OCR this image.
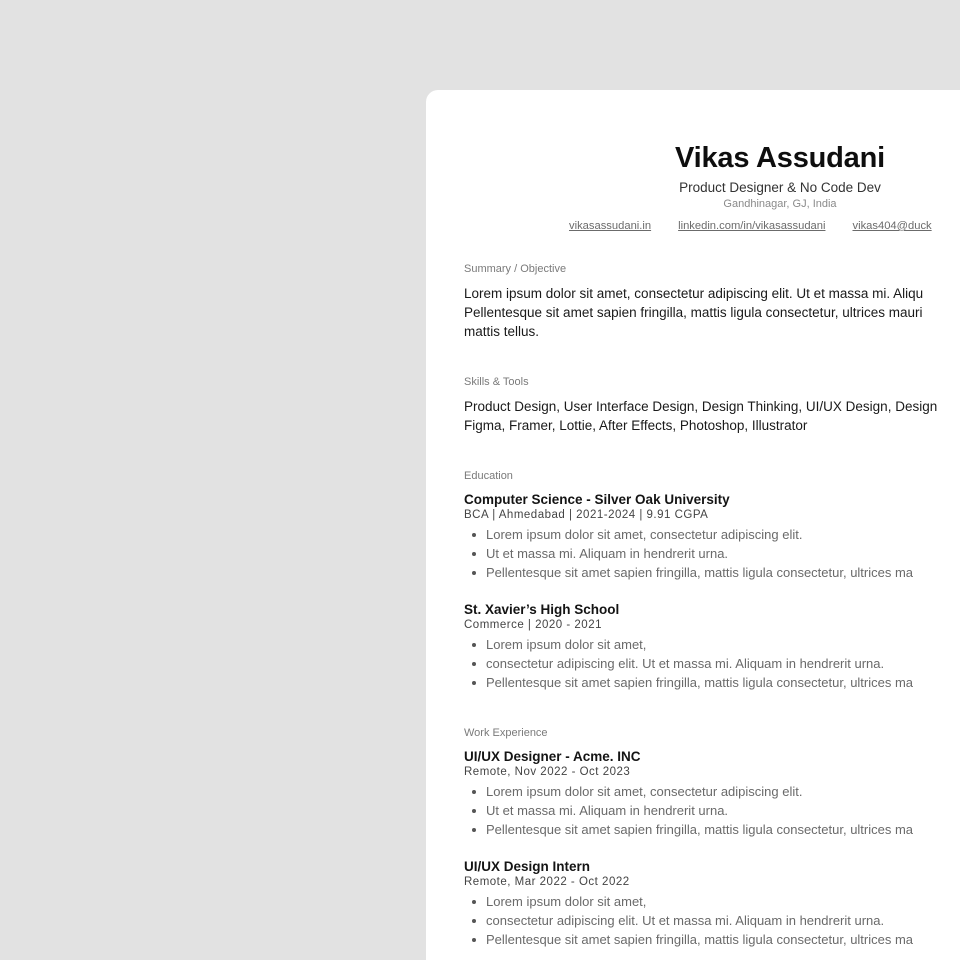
Vikas Assudani
Product Designer & No Code Dev
Gandhinagar, GJ, India
vikasassudani.in linkedin.com/in/vikasassudani vikas404@duck
Summary / Objective
Lorem ipsum dolor sit amet, consectetur adipiscing elit. Ut et massa mi. Aliqu
Pellentesque sit amet sapien fringilla, mattis ligula consectetur, ultrices mauri
mattis tellus.
Skills & Tools
Product Design, User Interface Design, Design Thinking, UI/UX Design, Design
Figma, Framer, Lottie, After Effects, Photoshop, Illustrator
Education
Computer Science - Silver Oak University
BCA | Ahmedabad | 2021-2024 | 9.91 CGPA
Lorem ipsum dolor sit amet, consectetur adipiscing elit.
Ut et massa mi. Aliquam in hendrerit urna.
Pellentesque sit amet sapien fringilla, mattis ligula consectetur, ultrices ma
St. Xavier’s High School
Commerce | 2020 - 2021
Lorem ipsum dolor sit amet,
consectetur adipiscing elit. Ut et massa mi. Aliquam in hendrerit urna.
Pellentesque sit amet sapien fringilla, mattis ligula consectetur, ultrices ma
Work Experience
UI/UX Designer - Acme. INC
Remote, Nov 2022 - Oct 2023
Lorem ipsum dolor sit amet, consectetur adipiscing elit.
Ut et massa mi. Aliquam in hendrerit urna.
Pellentesque sit amet sapien fringilla, mattis ligula consectetur, ultrices ma
UI/UX Design Intern
Remote, Mar 2022 - Oct 2022
Lorem ipsum dolor sit amet,
consectetur adipiscing elit. Ut et massa mi. Aliquam in hendrerit urna.
Pellentesque sit amet sapien fringilla, mattis ligula consectetur, ultrices ma
